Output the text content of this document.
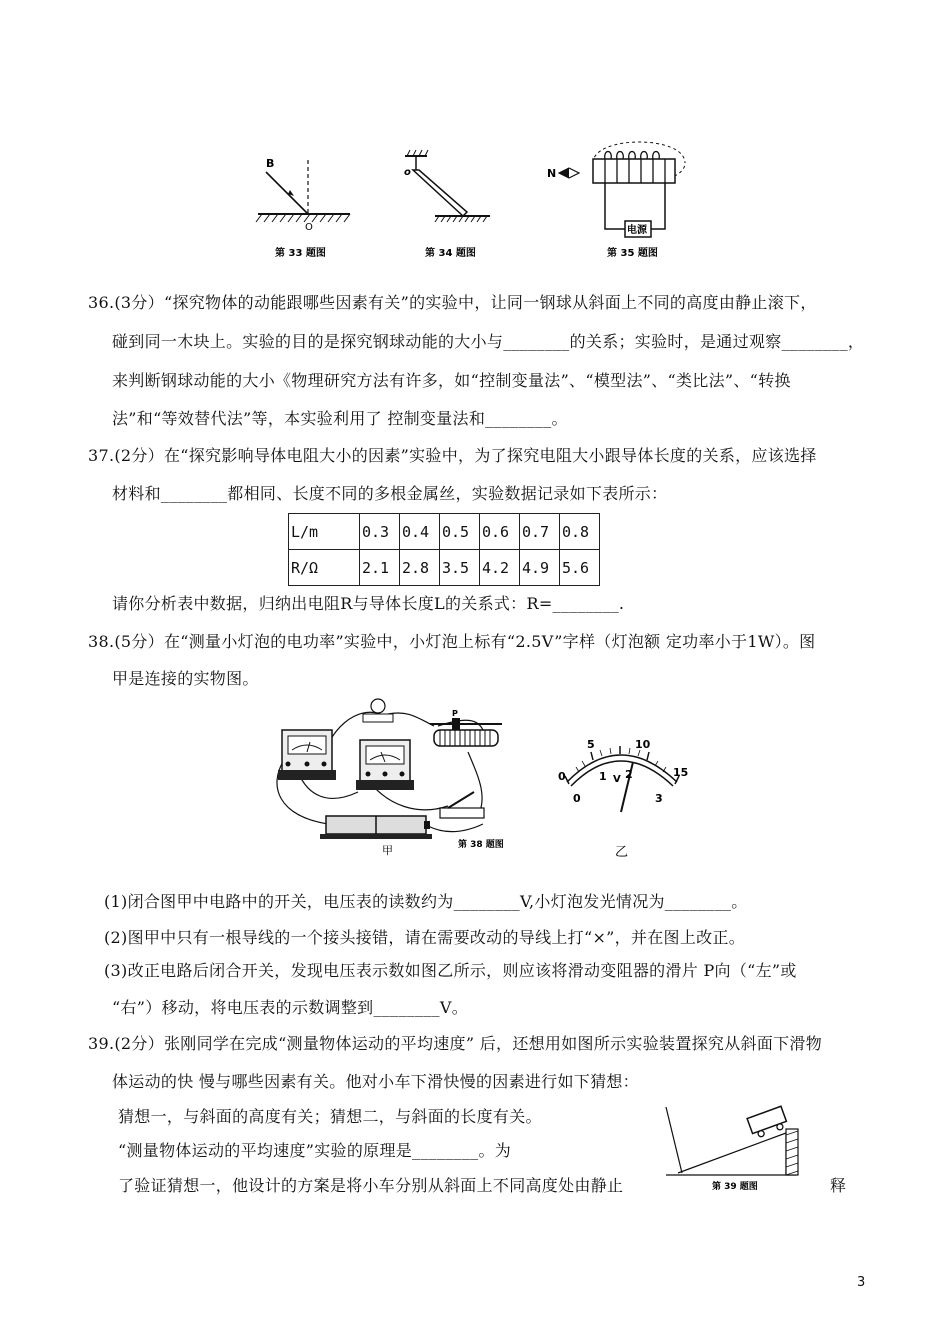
B
O
第 33 题图
o
第 34 题图
N
电源
第 35 题图
36.(3分）“探究物体的动能跟哪些因素有关”的实验中，让同一钢球从斜面上不同的高度由静止滚下，
碰到同一木块上。实验的目的是探究钢球动能的大小与________的关系；实验时，是通过观察________，
来判断钢球动能的大小《物理研究方法有许多，如“控制变量法”、“模型法”、“类比法”、“转换
法”和“等效替代法”等，本实验利用了 控制变量法和________。
37.(2分）在“探究影响导体电阻大小的因素”实验中，为了探究电阻大小跟导体长度的关系，应该选择
材料和________都相同、长度不同的多根金属丝，实验数据记录如下表所示：
L/m	0.3	0.4	0.5	0.6	0.7	0.8
R/Ω	2.1	2.8	3.5	4.2	4.9	5.6
请你分析表中数据，归纳出电阻R与导体长度L的关系式：R=________.
38.(5分）在“测量小灯泡的电功率”实验中，小灯泡上标有“2.5V”字样（灯泡额 定功率小于1W）。图
甲是连接的实物图。
P
甲	第 38 题图
0
5	10
15
0
1 V 2
3
乙
(1)闭合图甲中电路中的开关，电压表的读数约为________V,小灯泡发光情况为________。
(2)图甲中只有一根导线的一个接头接错，请在需要改动的导线上打“×”，并在图上改正。
(3)改正电路后闭合开关，发现电压表示数如图乙所示，则应该将滑动变阻器的滑片 P向（“左”或
“右”）移动，将电压表的示数调整到________V。
39.(2分）张刚同学在完成“测量物体运动的平均速度” 后，还想用如图所示实验装置探究从斜面下滑物
体运动的快 慢与哪些因素有关。他对小车下滑快慢的因素进行如下猜想：
猜想一，与斜面的高度有关；猜想二，与斜面的长度有关。
“测量物体运动的平均速度”实验的原理是________。为
了验证猜想一，他设计的方案是将小车分别从斜面上不同高度处由静止	释
第 39 题图
3
